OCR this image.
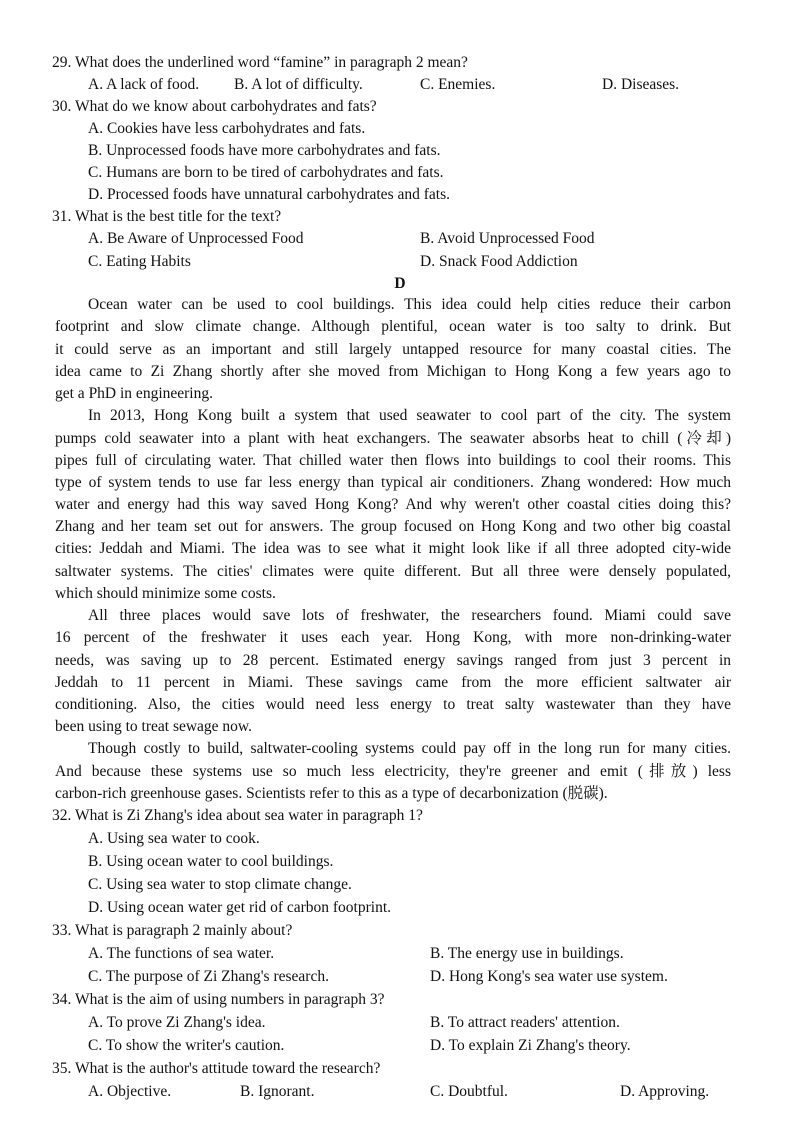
29. What does the underlined word “famine” in paragraph 2 mean?
A. A lack of food. B. A lot of difficulty.	C. Enemies.	D. Diseases.
30. What do we know about carbohydrates and fats?
A. Cookies have less carbohydrates and fats.
B. Unprocessed foods have more carbohydrates and fats.
C. Humans are born to be tired of carbohydrates and fats.
D. Processed foods have unnatural carbohydrates and fats.
31. What is the best title for the text?
A. Be Aware of Unprocessed Food	B. Avoid Unprocessed Food
C. Eating Habits	D. Snack Food Addiction
D
Ocean water can be used to cool buildings. This idea could help cities reduce their carbon
footprint and slow climate change. Although plentiful, ocean water is too salty to drink. But
it could serve as an important and still largely untapped resource for many coastal cities. The
idea came to Zi Zhang shortly after she moved from Michigan to Hong Kong a few years ago to
get a PhD in engineering.
In 2013, Hong Kong built a system that used seawater to cool part of the city. The system
pumps cold seawater into a plant with heat exchangers. The seawater absorbs heat to chill (冷却)
pipes full of circulating water. That chilled water then flows into buildings to cool their rooms. This
type of system tends to use far less energy than typical air conditioners. Zhang wondered: How much
water and energy had this way saved Hong Kong? And why weren't other coastal cities doing this?
Zhang and her team set out for answers. The group focused on Hong Kong and two other big coastal
cities: Jeddah and Miami. The idea was to see what it might look like if all three adopted city-wide
saltwater systems. The cities' climates were quite different. But all three were densely populated,
which should minimize some costs.
All three places would save lots of freshwater, the researchers found. Miami could save
16 percent of the freshwater it uses each year. Hong Kong, with more non-drinking-water
needs, was saving up to 28 percent. Estimated energy savings ranged from just 3 percent in
Jeddah to 11 percent in Miami. These savings came from the more efficient saltwater air
conditioning. Also, the cities would need less energy to treat salty wastewater than they have
been using to treat sewage now.
Though costly to build, saltwater-cooling systems could pay off in the long run for many cities.
And because these systems use so much less electricity, they're greener and emit (排放) less
carbon-rich greenhouse gases. Scientists refer to this as a type of decarbonization (脱碳).
32. What is Zi Zhang's idea about sea water in paragraph 1?
A. Using sea water to cook.
B. Using ocean water to cool buildings.
C. Using sea water to stop climate change.
D. Using ocean water get rid of carbon footprint.
33. What is paragraph 2 mainly about?
A. The functions of sea water.	B. The energy use in buildings.
C. The purpose of Zi Zhang's research.	D. Hong Kong's sea water use system.
34. What is the aim of using numbers in paragraph 3?
A. To prove Zi Zhang's idea.	B. To attract readers' attention.
C. To show the writer's caution.	D. To explain Zi Zhang's theory.
35. What is the author's attitude toward the research?
A. Objective.	B. Ignorant.	C. Doubtful.	D. Approving.
